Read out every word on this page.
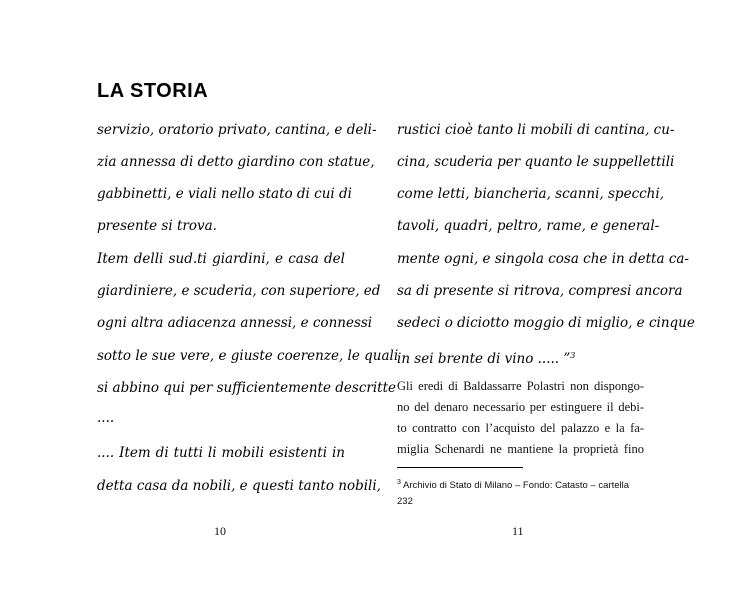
LA STORIA
servizio, oratorio privato, cantina, e deli-
zia annessa di detto giardino con statue,
gabbinetti, e viali nello stato di cui di
presente si trova.
Item delli sud.ti giardini, e casa del
giardiniere, e scuderia, con superiore, ed
ogni altra adiacenza annessi, e connessi
sotto le sue vere, e giuste coerenze, le quali
si abbino qui per sufficientemente descritte
....
.... Item di tutti li mobili esistenti in
detta casa da nobili, e questi tanto nobili,
rustici cioè tanto li mobili di cantina, cu-
cina, scuderia per quanto le suppellettili
come letti, biancheria, scanni, specchi,
tavoli, quadri, peltro, rame, e general-
mente ogni, e singola cosa che in detta ca-
sa di presente si ritrova, compresi ancora
sedeci o diciotto moggio di miglio, e cinque
in sei brente di vino ..... ”$^3$
Gli eredi di Baldassarre Polastri non dispongo-
no del denaro necessario per estinguere il debi-
to contratto con l’acquisto del palazzo e la fa-
miglia Schenardi ne mantiene la proprietà fino
$^3$ Archivio di Stato di Milano – Fondo: Catasto – cartella
232
10	11
